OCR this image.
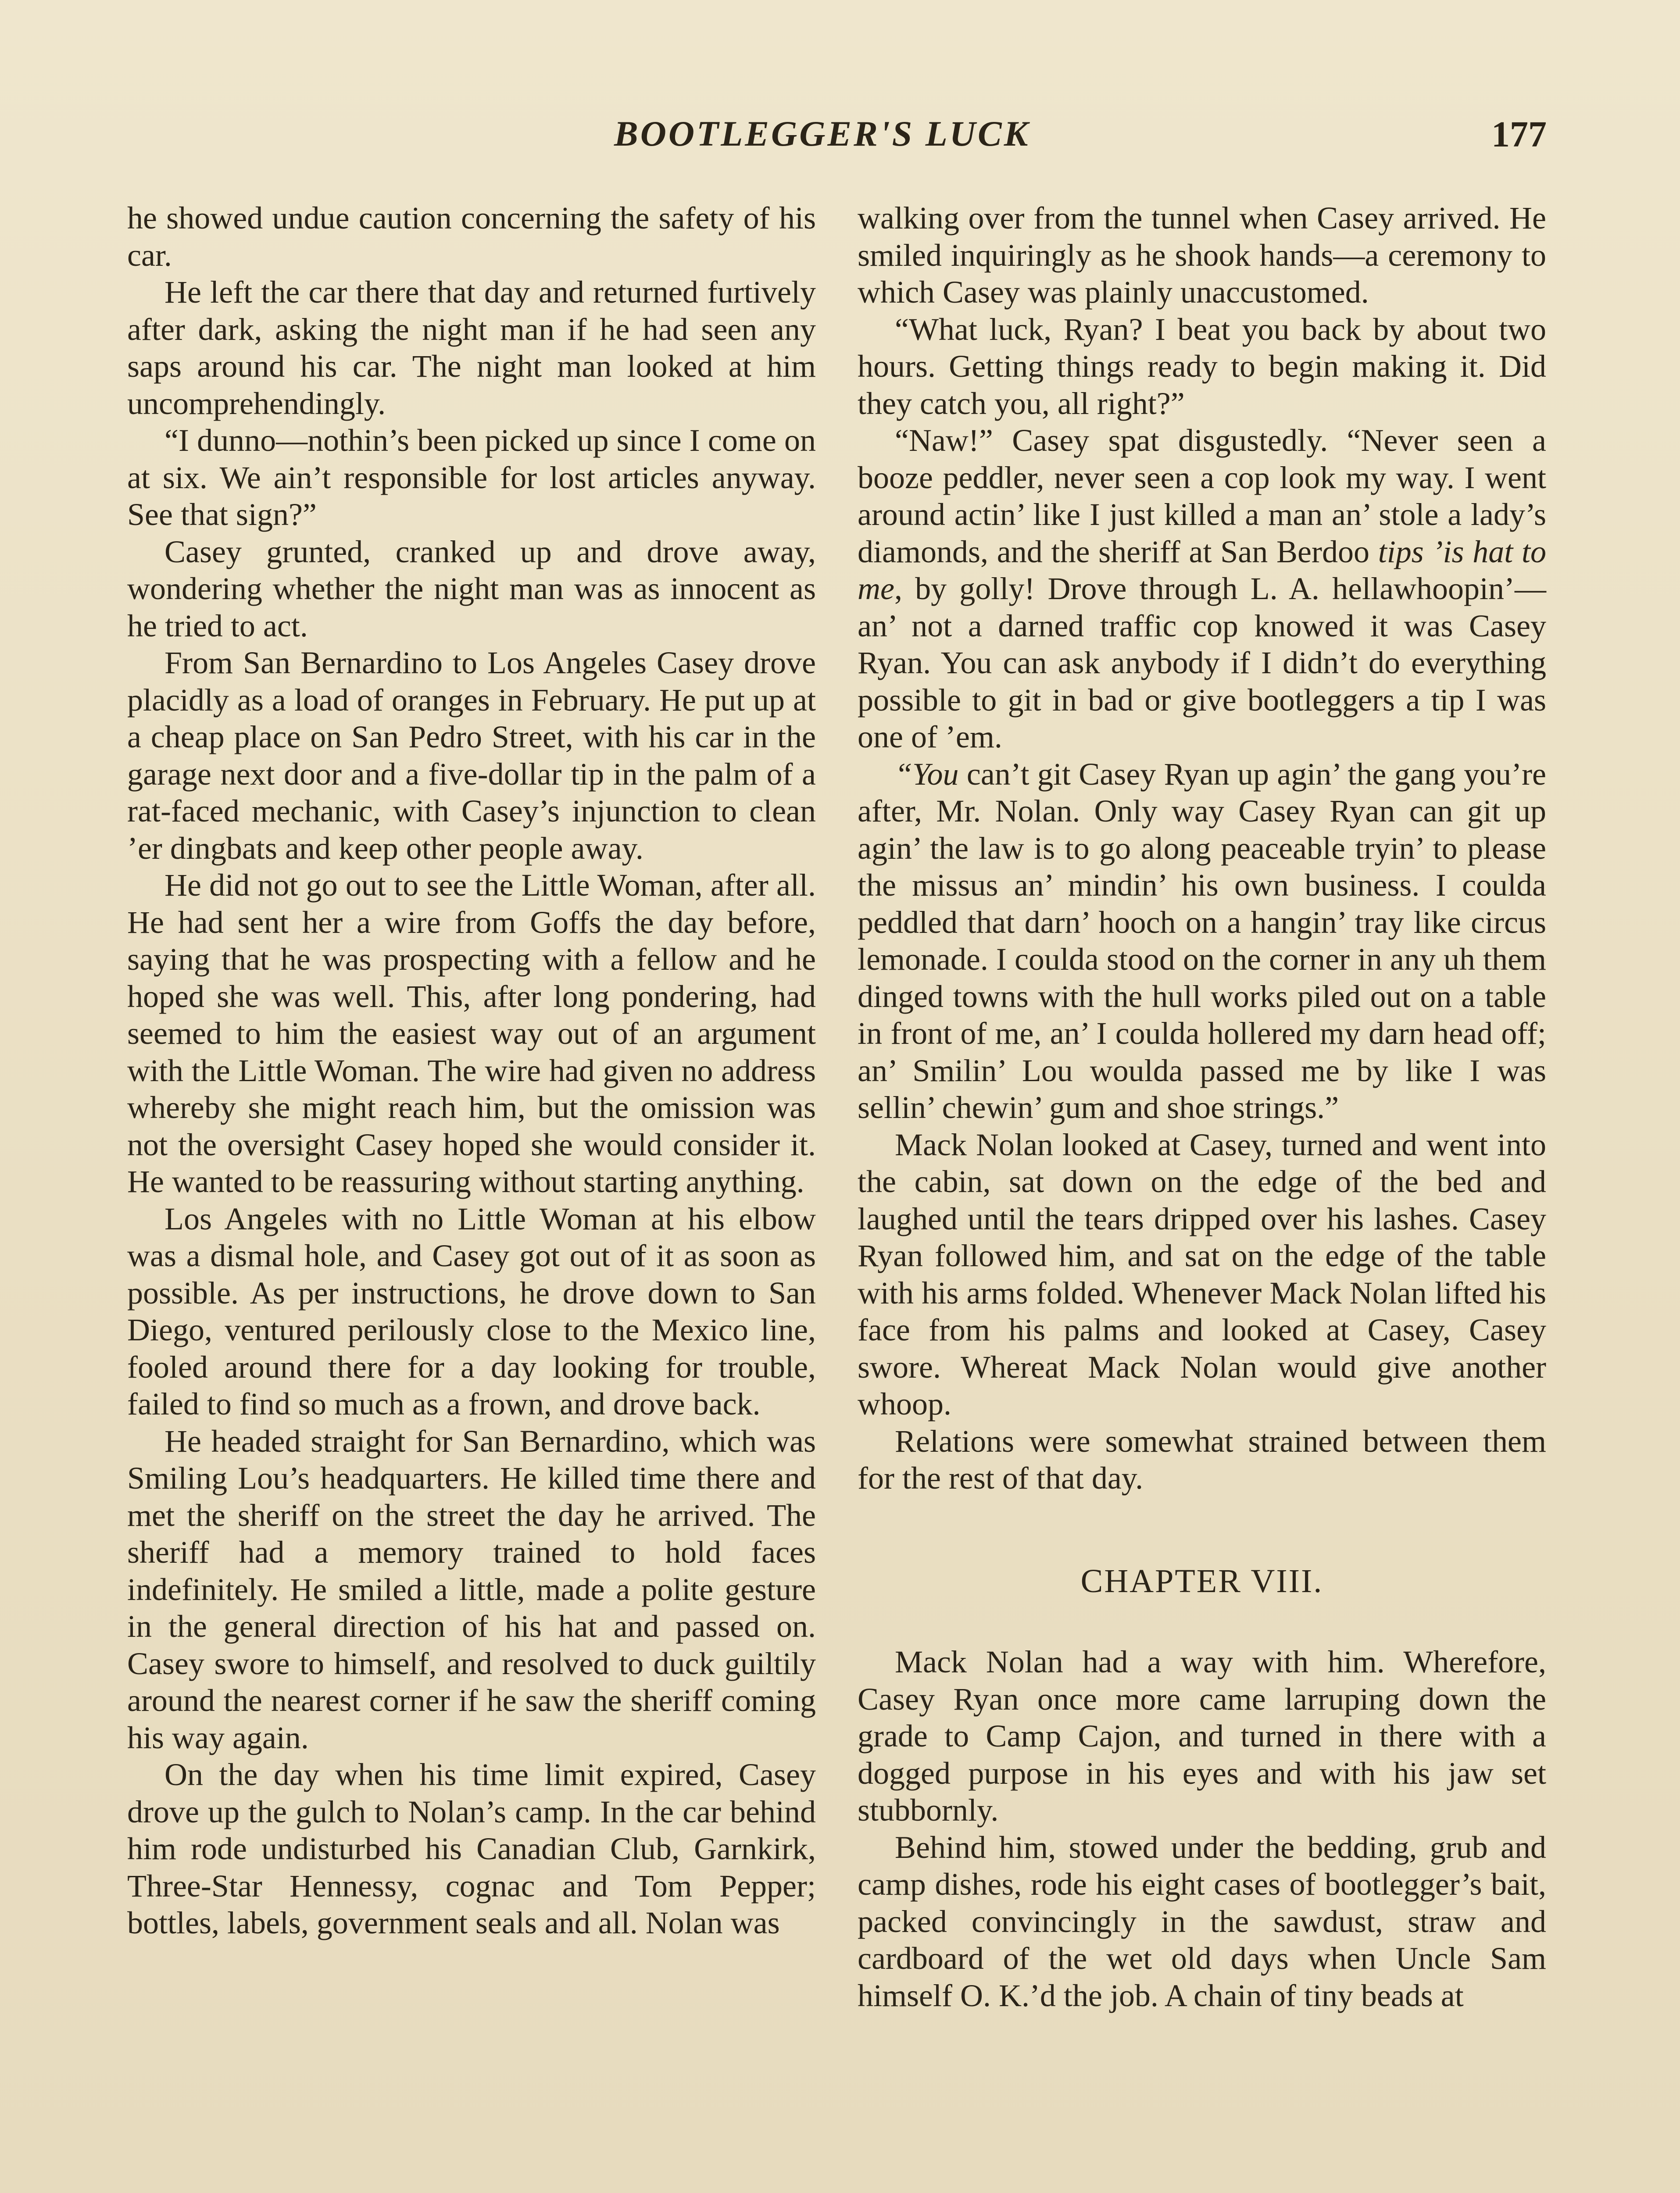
BOOTLEGGER'S LUCK	177

he showed undue caution concerning the safety of his car.

He left the car there that day and returned furtively after dark, asking the night man if he had seen any saps around his car. The night man looked at him uncomprehendingly.

“I dunno—nothin’s been picked up since I come on at six. We ain’t responsible for lost articles anyway. See that sign?”

Casey grunted, cranked up and drove away, wondering whether the night man was as innocent as he tried to act.

From San Bernardino to Los Angeles Casey drove placidly as a load of oranges in February. He put up at a cheap place on San Pedro Street, with his car in the garage next door and a five-dollar tip in the palm of a rat-faced mechanic, with Casey’s injunction to clean ’er dingbats and keep other people away.

He did not go out to see the Little Woman, after all. He had sent her a wire from Goffs the day before, saying that he was prospecting with a fellow and he hoped she was well. This, after long pondering, had seemed to him the easiest way out of an argument with the Little Woman. The wire had given no address whereby she might reach him, but the omission was not the oversight Casey hoped she would consider it. He wanted to be reassuring without starting anything.

Los Angeles with no Little Woman at his elbow was a dismal hole, and Casey got out of it as soon as possible. As per instructions, he drove down to San Diego, ventured perilously close to the Mexico line, fooled around there for a day looking for trouble, failed to find so much as a frown, and drove back.

He headed straight for San Bernardino, which was Smiling Lou’s headquarters. He killed time there and met the sheriff on the street the day he arrived. The sheriff had a memory trained to hold faces indefinitely. He smiled a little, made a polite gesture in the general direction of his hat and passed on. Casey swore to himself, and resolved to duck guiltily around the nearest corner if he saw the sheriff coming his way again.

On the day when his time limit expired, Casey drove up the gulch to Nolan’s camp. In the car behind him rode undisturbed his Canadian Club, Garnkirk, Three-Star Hennessy, cognac and Tom Pepper; bottles, labels, government seals and all. Nolan was

walking over from the tunnel when Casey arrived. He smiled inquiringly as he shook hands—a ceremony to which Casey was plainly unaccustomed.

“What luck, Ryan? I beat you back by about two hours. Getting things ready to begin making it. Did they catch you, all right?”

“Naw!” Casey spat disgustedly. “Never seen a booze peddler, never seen a cop look my way. I went around actin’ like I just killed a man an’ stole a lady’s diamonds, and the sheriff at San Berdoo tips ’is hat to me, by golly! Drove through L. A. hellawhoopin’—an’ not a darned traffic cop knowed it was Casey Ryan. You can ask anybody if I didn’t do everything possible to git in bad or give bootleggers a tip I was one of ’em.

“You can’t git Casey Ryan up agin’ the gang you’re after, Mr. Nolan. Only way Casey Ryan can git up agin’ the law is to go along peaceable tryin’ to please the missus an’ mindin’ his own business. I coulda peddled that darn’ hooch on a hangin’ tray like circus lemonade. I coulda stood on the corner in any uh them dinged towns with the hull works piled out on a table in front of me, an’ I coulda hollered my darn head off; an’ Smilin’ Lou woulda passed me by like I was sellin’ chewin’ gum and shoe strings.”

Mack Nolan looked at Casey, turned and went into the cabin, sat down on the edge of the bed and laughed until the tears dripped over his lashes. Casey Ryan followed him, and sat on the edge of the table with his arms folded. Whenever Mack Nolan lifted his face from his palms and looked at Casey, Casey swore. Whereat Mack Nolan would give another whoop.

Relations were somewhat strained between them for the rest of that day.

CHAPTER VIII.

Mack Nolan had a way with him. Wherefore, Casey Ryan once more came larruping down the grade to Camp Cajon, and turned in there with a dogged purpose in his eyes and with his jaw set stubbornly.

Behind him, stowed under the bedding, grub and camp dishes, rode his eight cases of bootlegger’s bait, packed convincingly in the sawdust, straw and cardboard of the wet old days when Uncle Sam himself O. K.’d the job. A chain of tiny beads at
